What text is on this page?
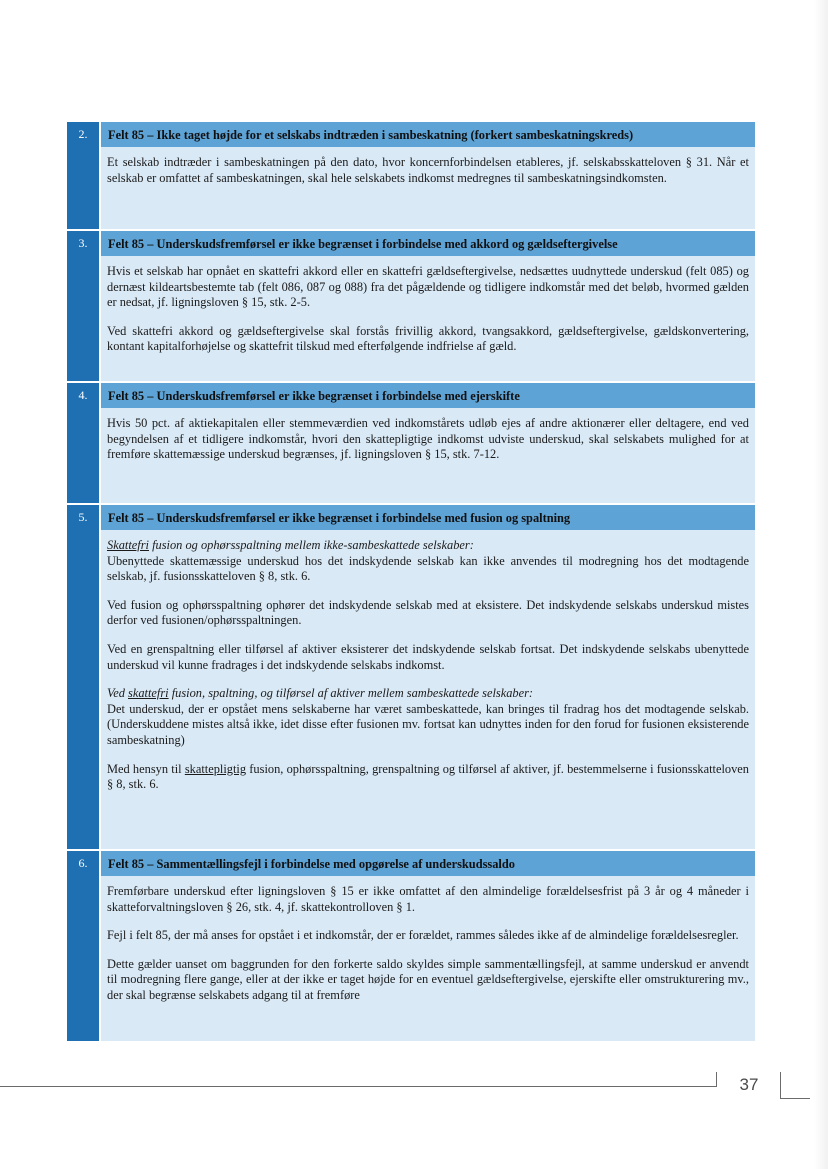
2.	Felt 85 – Ikke taget højde for et selskabs indtræden i sambeskatning (forkert sambeskatningskreds)

Et selskab indtræder i sambeskatningen på den dato, hvor koncernforbindelsen etableres, jf. selskabsskatteloven § 31. Når et selskab er omfattet af sambeskatningen, skal hele selskabets indkomst medregnes til sambeskatningsindkomsten.

3.	Felt 85 – Underskudsfremførsel er ikke begrænset i forbindelse med akkord og gældseftergivelse

Hvis et selskab har opnået en skattefri akkord eller en skattefri gældseftergivelse, nedsættes uudnyttede underskud (felt 085) og dernæst kildeartsbestemte tab (felt 086, 087 og 088) fra det pågældende og tidligere indkomstår med det beløb, hvormed gælden er nedsat, jf. ligningsloven § 15, stk. 2-5.

Ved skattefri akkord og gældseftergivelse skal forstås frivillig akkord, tvangsakkord, gældseftergivelse, gældskonvertering, kontant kapitalforhøjelse og skattefrit tilskud med efterfølgende indfrielse af gæld.

4.	Felt 85 – Underskudsfremførsel er ikke begrænset i forbindelse med ejerskifte

Hvis 50 pct. af aktiekapitalen eller stemmeværdien ved indkomstårets udløb ejes af andre aktionærer eller deltagere, end ved begyndelsen af et tidligere indkomstår, hvori den skattepligtige indkomst udviste underskud, skal selskabets mulighed for at fremføre skattemæssige underskud begrænses, jf. ligningsloven § 15, stk. 7-12.

5.	Felt 85 – Underskudsfremførsel er ikke begrænset i forbindelse med fusion og spaltning

Skattefri fusion og ophørsspaltning mellem ikke-sambeskattede selskaber:
Ubenyttede skattemæssige underskud hos det indskydende selskab kan ikke anvendes til modregning hos det modtagende selskab, jf. fusionsskatteloven § 8, stk. 6.

Ved fusion og ophørsspaltning ophører det indskydende selskab med at eksistere. Det indskydende selskabs underskud mistes derfor ved fusionen/ophørsspaltningen.

Ved en grenspaltning eller tilførsel af aktiver eksisterer det indskydende selskab fortsat. Det indskydende selskabs ubenyttede underskud vil kunne fradrages i det indskydende selskabs indkomst.

Ved skattefri fusion, spaltning, og tilførsel af aktiver mellem sambeskattede selskaber:
Det underskud, der er opstået mens selskaberne har været sambeskattede, kan bringes til fradrag hos det modtagende selskab. (Underskuddene mistes altså ikke, idet disse efter fusionen mv. fortsat kan udnyttes inden for den forud for fusionen eksisterende sambeskatning)

Med hensyn til skattepligtig fusion, ophørsspaltning, grenspaltning og tilførsel af aktiver, jf. bestemmelserne i fusionsskatteloven § 8, stk. 6.

6.	Felt 85 – Sammentællingsfejl i forbindelse med opgørelse af underskudssaldo

Fremførbare underskud efter ligningsloven § 15 er ikke omfattet af den almindelige forældelsesfrist på 3 år og 4 måneder i skatteforvaltningsloven § 26, stk. 4, jf. skattekontrolloven § 1.

Fejl i felt 85, der må anses for opstået i et indkomstår, der er forældet, rammes således ikke af de almindelige forældelsesregler.

Dette gælder uanset om baggrunden for den forkerte saldo skyldes simple sammentællingsfejl, at samme underskud er anvendt til modregning flere gange, eller at der ikke er taget højde for en eventuel gældseftergivelse, ejerskifte eller omstrukturering mv., der skal begrænse selskabets adgang til at fremføre

37
